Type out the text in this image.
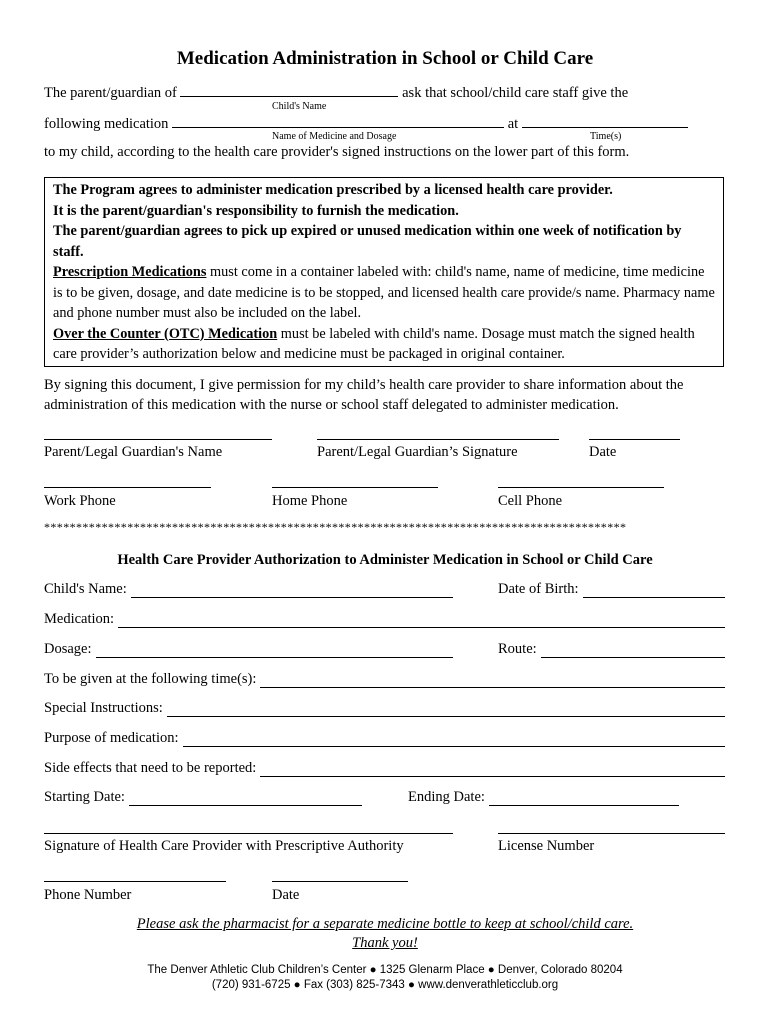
Medication Administration in School or Child Care
The parent/guardian of	ask that school/child care staff give the
Child's Name
following medication	at
Name of Medicine and Dosage	Time(s)
to my child, according to the health care provider's signed instructions on the lower part of this form.

The Program agrees to administer medication prescribed by a licensed health care provider.

It is the parent/guardian's responsibility to furnish the medication.

The parent/guardian agrees to pick up expired or unused medication within one week of notification by staff.

Prescription Medications must come in a container labeled with: child's name, name of medicine, time medicine is to be given, dosage, and date medicine is to be stopped, and licensed health care provide/s name. Pharmacy name and phone number must also be included on the label.

Over the Counter (OTC) Medication must be labeled with child's name. Dosage must match the signed health care provider’s authorization below and medicine must be packaged in original container.

By signing this document, I give permission for my child’s health care provider to share information about the administration of this medication with the nurse or school staff delegated to administer medication.
Parent/Legal Guardian's Name	Parent/Legal Guardian’s Signature	Date
Work Phone	Home Phone	Cell Phone
*******************************************************************************************
Health Care Provider Authorization to Administer Medication in School or Child Care
Child's Name:	Date of Birth:
Medication:
Dosage:	Route:
To be given at the following time(s):
Special Instructions:
Purpose of medication:
Side effects that need to be reported:
Starting Date:	Ending Date:
Signature of Health Care Provider with Prescriptive Authority	License Number
Phone Number	Date
Please ask the pharmacist for a separate medicine bottle to keep at school/child care.
Thank you!
The Denver Athletic Club Children’s Center ● 1325 Glenarm Place ● Denver, Colorado 80204
(720) 931-6725 ● Fax (303) 825-7343 ● www.denverathleticclub.org
